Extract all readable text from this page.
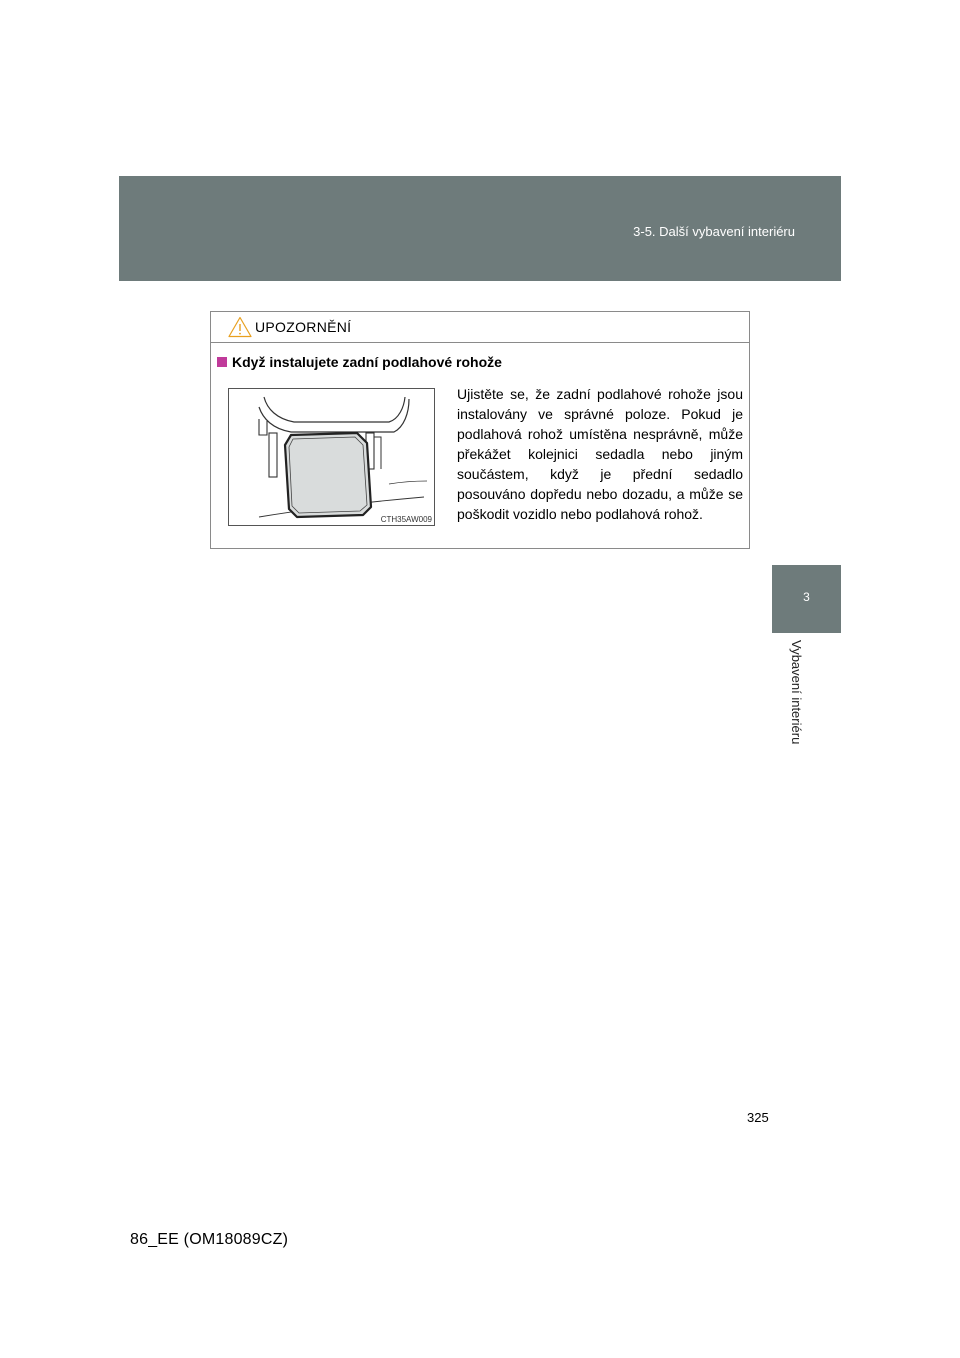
3-5. Další vybavení interiéru
3
Vybavení interiéru
UPOZORNĚNÍ
Když instalujete zadní podlahové rohože
CTH35AW009

Ujistěte se, že zadní podlahové rohože jsou instalovány ve správné poloze. Pokud je podlahová rohož umístěna nesprávně, může překážet kolejnici sedadla nebo jiným součástem, když je přední sedadlo posouváno dopředu nebo dozadu, a může se poškodit vozidlo nebo podlahová rohož.

325
86_EE (OM18089CZ)
